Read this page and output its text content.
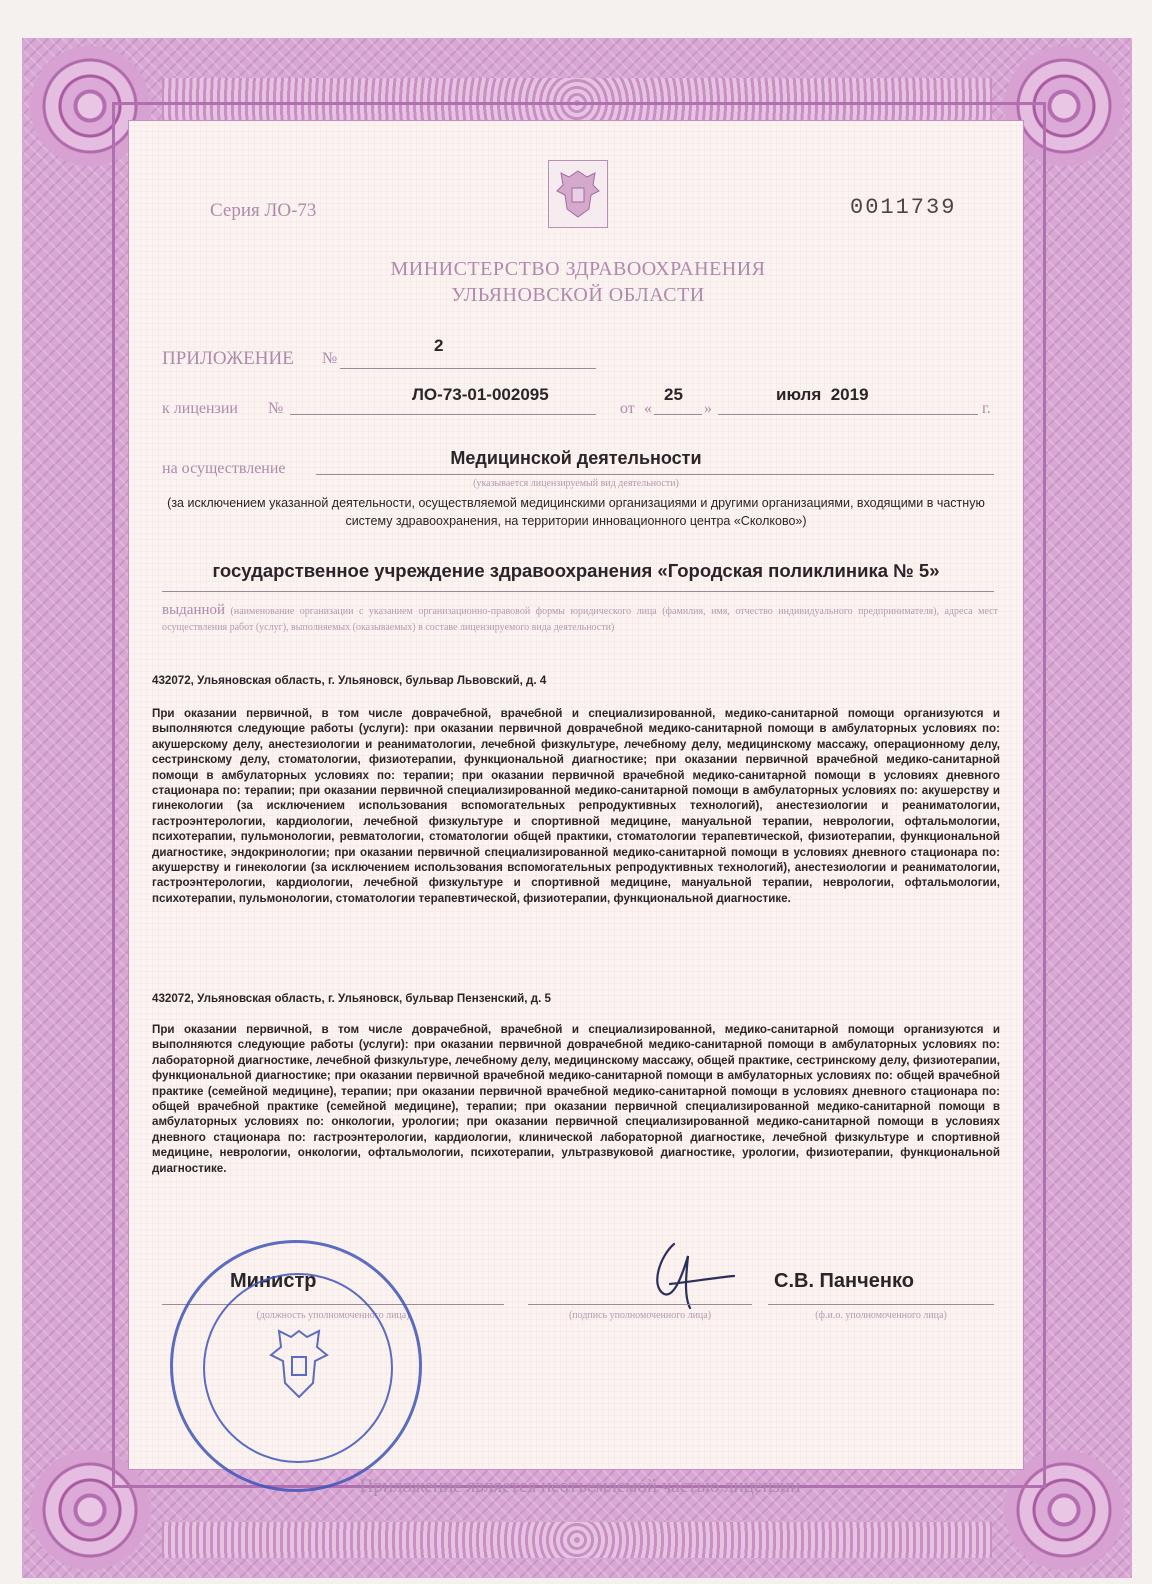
Серия ЛО-73	0011739

МИНИСТЕРСТВО ЗДРАВООХРАНЕНИЯ

УЛЬЯНОВСКОЙ ОБЛАСТИ

ПРИЛОЖЕНИЕ №

2

к лицензии №

ЛО-73-01-002095

от «

25

»

июля  2019

г.

на осуществление

Медицинской деятельности

(указывается лицензируемый вид деятельности)

(за исключением указанной деятельности, осуществляемой медицинскими организациями и другими организациями, входящими в частную систему здравоохранения, на территории инновационного центра «Сколково»)

государственное учреждение здравоохранения «Городская поликлиника № 5»

выданной (наименование организации с указанием организационно-правовой формы юридического лица (фамилия, имя, отчество индивидуального предпринимателя), адреса мест осуществления работ (услуг), выполняемых (оказываемых) в составе лицензируемого вида деятельности)

432072, Ульяновская область, г. Ульяновск, бульвар Львовский, д. 4

При оказании первичной, в том числе доврачебной, врачебной и специализированной, медико-санитарной помощи организуются и выполняются следующие работы (услуги): при оказании первичной доврачебной медико-санитарной помощи в амбулаторных условиях по: акушерскому делу, анестезиологии и реаниматологии, лечебной физкультуре, лечебному делу, медицинскому массажу, операционному делу, сестринскому делу, стоматологии, физиотерапии, функциональной диагностике; при оказании первичной врачебной медико-санитарной помощи в амбулаторных условиях по: терапии; при оказании первичной врачебной медико-санитарной помощи в условиях дневного стационара по: терапии; при оказании первичной специализированной медико-санитарной помощи в амбулаторных условиях по: акушерству и гинекологии (за исключением использования вспомогательных репродуктивных технологий), анестезиологии и реаниматологии, гастроэнтерологии, кардиологии, лечебной физкультуре и спортивной медицине, мануальной терапии, неврологии, офтальмологии, психотерапии, пульмонологии, ревматологии, стоматологии общей практики, стоматологии терапевтической, физиотерапии, функциональной диагностике, эндокринологии; при оказании первичной специализированной медико-санитарной помощи в условиях дневного стационара по: акушерству и гинекологии (за исключением использования вспомогательных репродуктивных технологий), анестезиологии и реаниматологии, гастроэнтерологии, кардиологии, лечебной физкультуре и спортивной медицине, мануальной терапии, неврологии, офтальмологии, психотерапии, пульмонологии, стоматологии терапевтической, физиотерапии, функциональной диагностике.

432072, Ульяновская область, г. Ульяновск, бульвар Пензенский, д. 5

При оказании первичной, в том числе доврачебной, врачебной и специализированной, медико-санитарной помощи организуются и выполняются следующие работы (услуги): при оказании первичной доврачебной медико-санитарной помощи в амбулаторных условиях по: лабораторной диагностике, лечебной физкультуре, лечебному делу, медицинскому массажу, общей практике, сестринскому делу, физиотерапии, функциональной диагностике; при оказании первичной врачебной медико-санитарной помощи в амбулаторных условиях по: общей врачебной практике (семейной медицине), терапии; при оказании первичной врачебной медико-санитарной помощи в условиях дневного стационара по: общей врачебной практике (семейной медицине), терапии; при оказании первичной специализированной медико-санитарной помощи в амбулаторных условиях по: онкологии, урологии; при оказании первичной специализированной медико-санитарной помощи в условиях дневного стационара по: гастроэнтерологии, кардиологии, клинической лабораторной диагностике, лечебной физкультуре и спортивной медицине, неврологии, онкологии, офтальмологии, психотерапии, ультразвуковой диагностике, урологии, физиотерапии, функциональной диагностике.

Министр

(должность уполномоченного лица)	(подпись уполномоченного лица)

С.В. Панченко

(ф.и.о. уполномоченного лица)

Приложение является неотъемлемой частью лицензии
